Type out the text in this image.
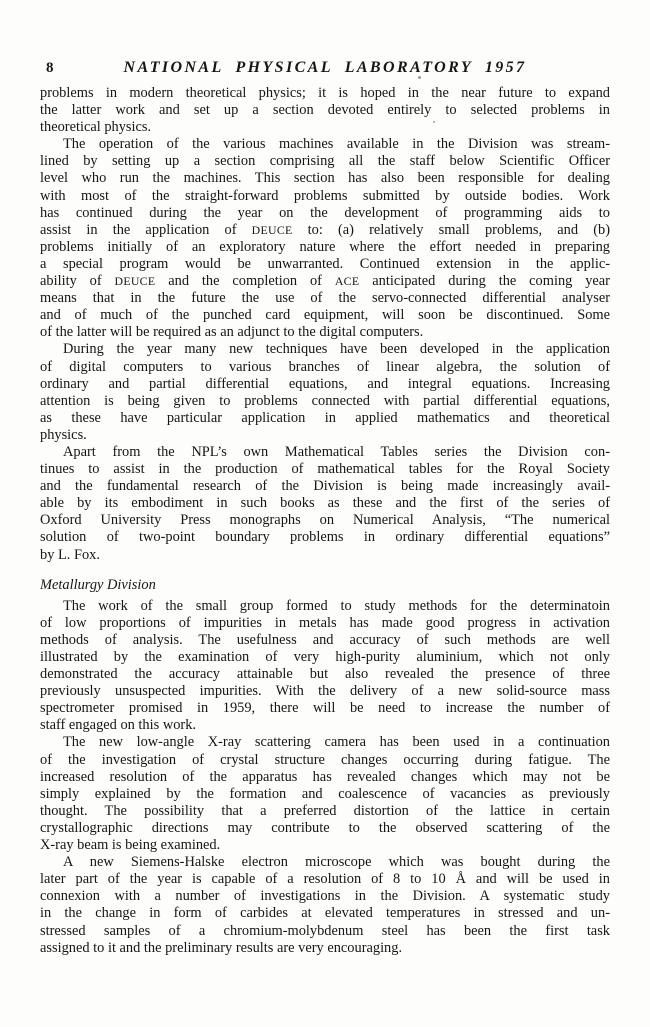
8	NATIONAL PHYSICAL LABORATORY 1957
problems in modern theoretical physics; it is hoped in the near future to expand
the latter work and set up a section devoted entirely to selected problems in
theoretical physics.
The operation of the various machines available in the Division was stream-
lined by setting up a section comprising all the staff below Scientific Officer
level who run the machines. This section has also been responsible for dealing
with most of the straight-forward problems submitted by outside bodies. Work
has continued during the year on the development of programming aids to
assist in the application of DEUCE to: (a) relatively small problems, and (b)
problems initially of an exploratory nature where the effort needed in preparing
a special program would be unwarranted. Continued extension in the applic-
ability of DEUCE and the completion of ACE anticipated during the coming year
means that in the future the use of the servo-connected differential analyser
and of much of the punched card equipment, will soon be discontinued. Some
of the latter will be required as an adjunct to the digital computers.
During the year many new techniques have been developed in the application
of digital computers to various branches of linear algebra, the solution of
ordinary and partial differential equations, and integral equations. Increasing
attention is being given to problems connected with partial differential equations,
as these have particular application in applied mathematics and theoretical
physics.
Apart from the NPL’s own Mathematical Tables series the Division con-
tinues to assist in the production of mathematical tables for the Royal Society
and the fundamental research of the Division is being made increasingly avail-
able by its embodiment in such books as these and the first of the series of
Oxford University Press monographs on Numerical Analysis, “The numerical
solution of two-point boundary problems in ordinary differential equations”
by L. Fox.
Metallurgy Division
The work of the small group formed to study methods for the determinatoin
of low proportions of impurities in metals has made good progress in activation
methods of analysis. The usefulness and accuracy of such methods are well
illustrated by the examination of very high-purity aluminium, which not only
demonstrated the accuracy attainable but also revealed the presence of three
previously unsuspected impurities. With the delivery of a new solid-source mass
spectrometer promised in 1959, there will be need to increase the number of
staff engaged on this work.
The new low-angle X-ray scattering camera has been used in a continuation
of the investigation of crystal structure changes occurring during fatigue. The
increased resolution of the apparatus has revealed changes which may not be
simply explained by the formation and coalescence of vacancies as previously
thought. The possibility that a preferred distortion of the lattice in certain
crystallographic directions may contribute to the observed scattering of the
X-ray beam is being examined.
A new Siemens-Halske electron microscope which was bought during the
later part of the year is capable of a resolution of 8 to 10 Å and will be used in
connexion with a number of investigations in the Division. A systematic study
in the change in form of carbides at elevated temperatures in stressed and un-
stressed samples of a chromium-molybdenum steel has been the first task
assigned to it and the preliminary results are very encouraging.
